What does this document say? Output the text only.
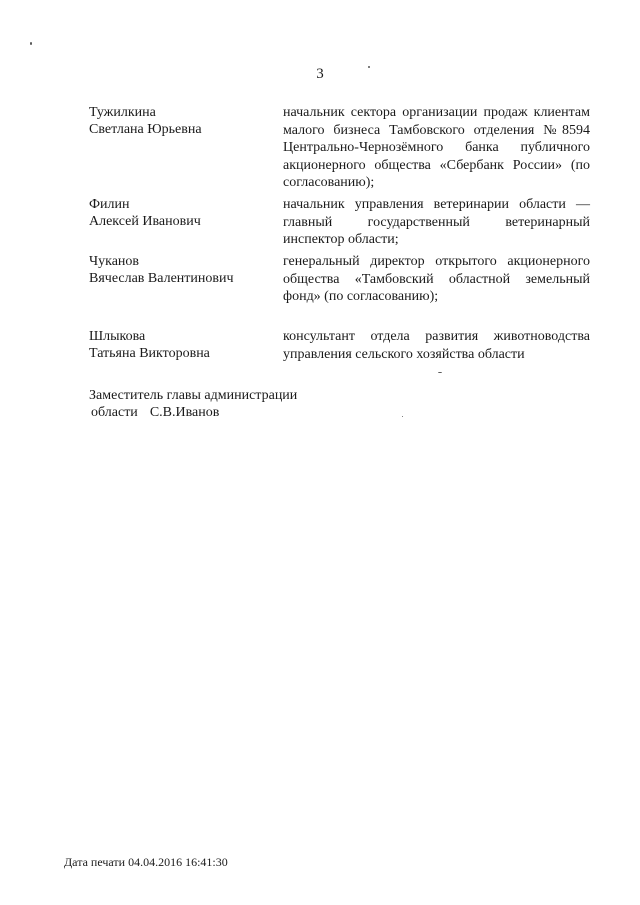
3
Тужилкина
Светлана Юрьевна
начальник сектора организации продаж клиентам малого бизнеса Тамбовского отделения №8594 Центрально-Чернозёмного банка публичного акционерного общества «Сбербанк России» (по согласованию);
Филин
Алексей Иванович
начальник управления ветеринарии области — главный государственный ветеринарный инспектор области;
Чуканов
Вячеслав Валентинович
генеральный директор открытого акционерного общества «Тамбовский областной земельный фонд» (по согласованию);
Шлыкова
Татьяна Викторовна
консультант отдела развития животноводства управления сельского хозяйства области
Заместитель главы администрации
области С.В.Иванов
Дата печати 04.04.2016 16:41:30
